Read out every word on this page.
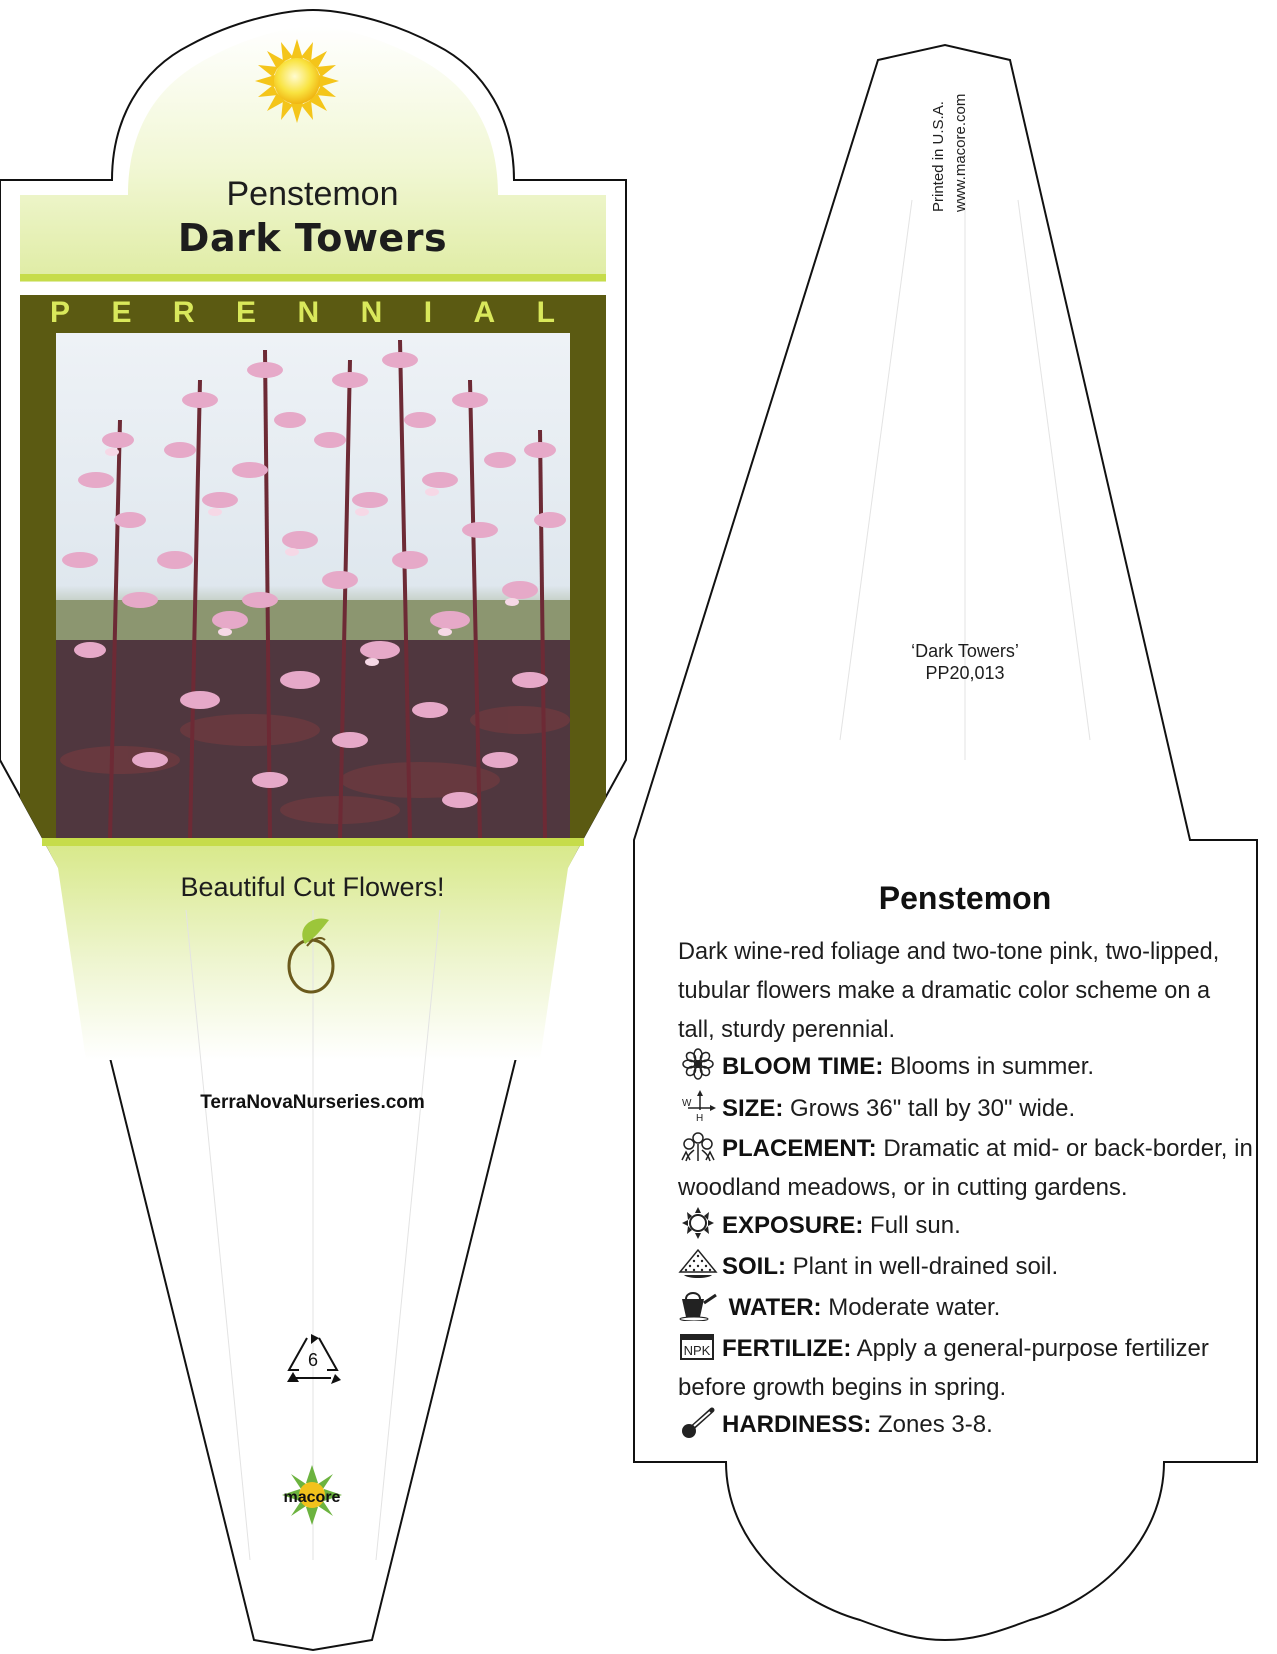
Penstemon
Dark Towers
P E R E N N I A L
Beautiful Cut Flowers!
TerraNovaNurseries.com
6
macore
Printed in U.S.A. www.macore.com
‘Dark Towers’
PP20,013
Penstemon
Dark wine-red foliage and two-tone pink, two-lipped, tubular flowers make a dramatic color scheme on a tall, sturdy perennial.
BLOOM TIME: Blooms in summer.
W
H SIZE: Grows 36" tall by 30" wide.
PLACEMENT: Dramatic at mid- or back-border, in woodland meadows, or in cutting gardens.
EXPOSURE: Full sun.
SOIL: Plant in well-drained soil.
WATER: Moderate water.
NPK FERTILIZE: Apply a general-purpose fertilizer before growth begins in spring.
HARDINESS: Zones 3-8.
